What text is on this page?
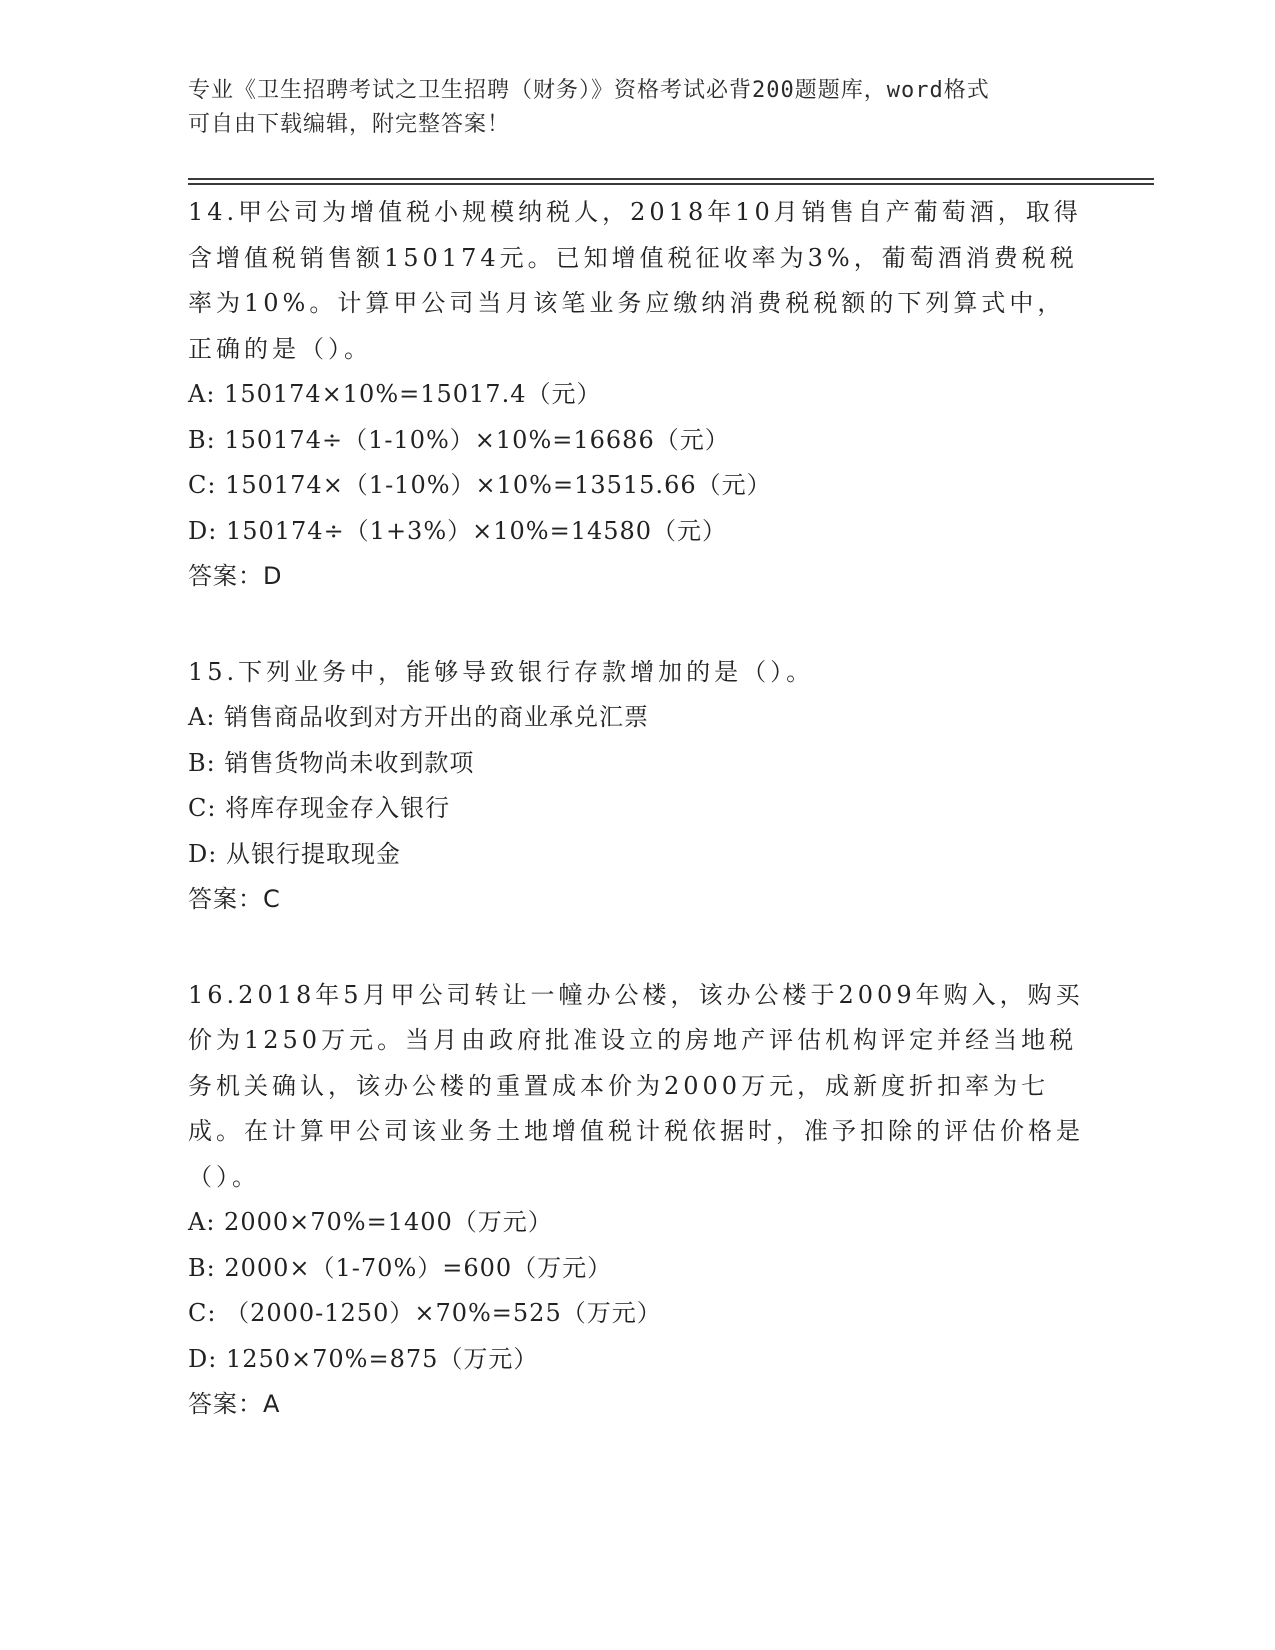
专业《卫生招聘考试之卫生招聘（财务）》资格考试必背200题题库，word格式
可自由下载编辑，附完整答案！
14.甲公司为增值税小规模纳税人，2018年10月销售自产葡萄酒，取得含增值税销售额150174元。已知增值税征收率为3%，葡萄酒消费税税率为10%。计算甲公司当月该笔业务应缴纳消费税税额的下列算式中，正确的是（）。
A: 150174×10%=15017.4（元）
B: 150174÷（1-10%）×10%=16686（元）
C: 150174×（1-10%）×10%=13515.66（元）
D: 150174÷（1+3%）×10%=14580（元）
答案：D
15.下列业务中，能够导致银行存款增加的是（）。
A: 销售商品收到对方开出的商业承兑汇票
B: 销售货物尚未收到款项
C: 将库存现金存入银行
D: 从银行提取现金
答案：C
16.2018年5月甲公司转让一幢办公楼，该办公楼于2009年购入，购买价为1250万元。当月由政府批准设立的房地产评估机构评定并经当地税务机关确认，该办公楼的重置成本价为2000万元，成新度折扣率为七成。在计算甲公司该业务土地增值税计税依据时，准予扣除的评估价格是（）。
A: 2000×70%=1400（万元）
B: 2000×（1-70%）=600（万元）
C: （2000-1250）×70%=525（万元）
D: 1250×70%=875（万元）
答案：A
